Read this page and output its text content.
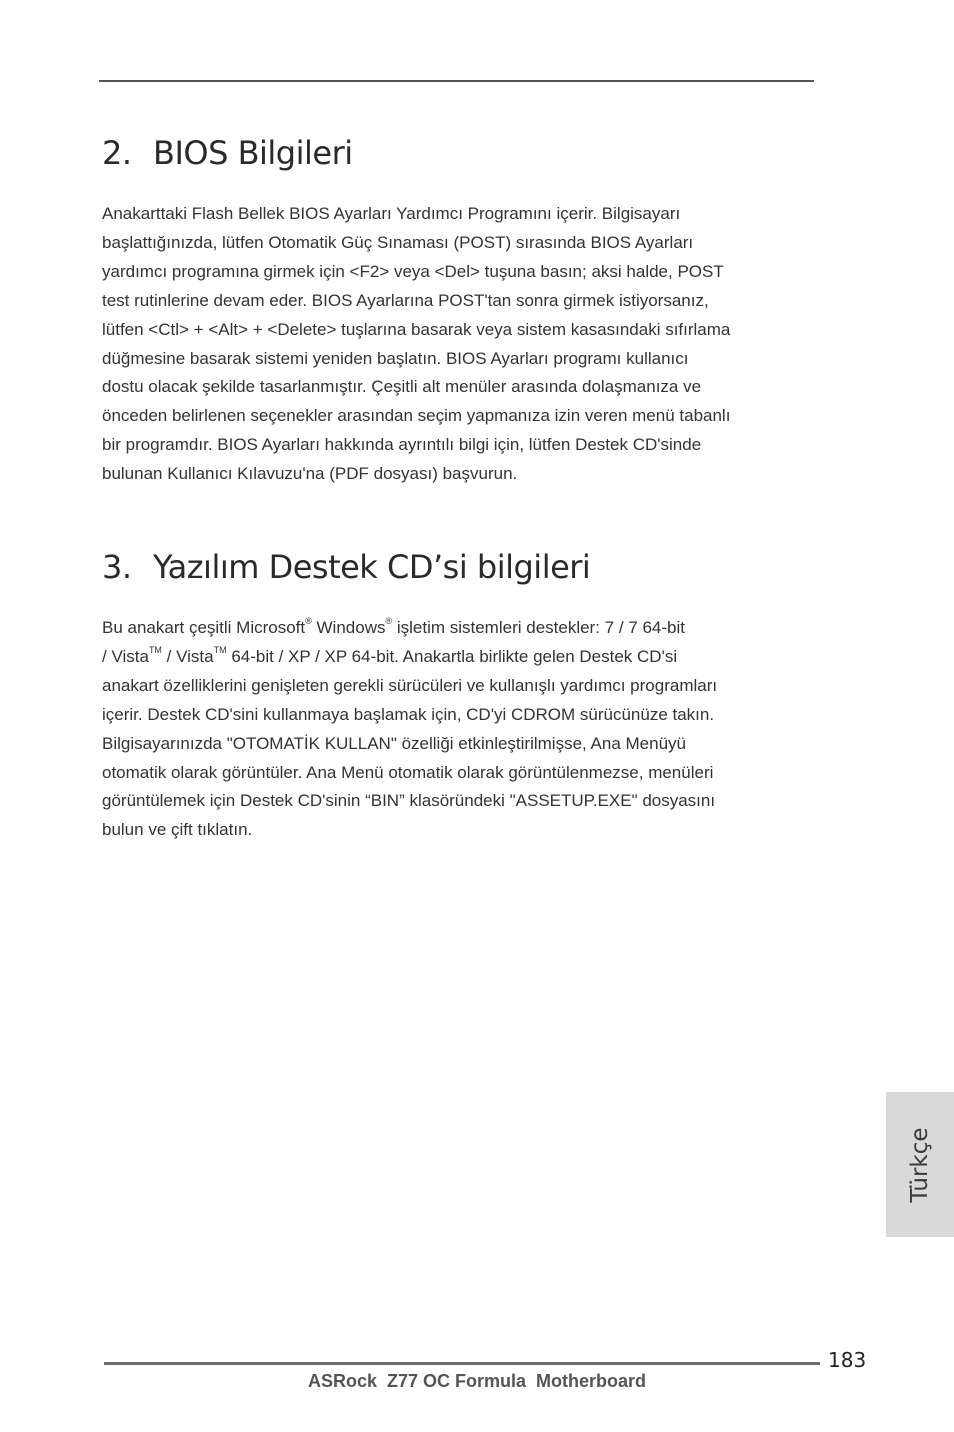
2. BIOS Bilgileri
Anakarttaki Flash Bellek BIOS Ayarları Yardımcı Programını içerir. Bilgisayarı
başlattığınızda, lütfen Otomatik Güç Sınaması (POST) sırasında BIOS Ayarları
yardımcı programına girmek için <F2> veya <Del> tuşuna basın; aksi halde, POST
test rutinlerine devam eder. BIOS Ayarlarına POST'tan sonra girmek istiyorsanız,
lütfen <Ctl> + <Alt> + <Delete> tuşlarına basarak veya sistem kasasındaki sıfırlama
düğmesine basarak sistemi yeniden başlatın. BIOS Ayarları programı kullanıcı
dostu olacak şekilde tasarlanmıştır. Çeşitli alt menüler arasında dolaşmanıza ve
önceden belirlenen seçenekler arasından seçim yapmanıza izin veren menü tabanlı
bir programdır. BIOS Ayarları hakkında ayrıntılı bilgi için, lütfen Destek CD'sinde
bulunan Kullanıcı Kılavuzu'na (PDF dosyası) başvurun.
3. Yazılım Destek CD’si bilgileri
Bu anakart çeşitli Microsoft® Windows® işletim sistemleri destekler: 7 / 7 64-bit
/ Vista™ / Vista™ 64-bit / XP / XP 64-bit. Anakartla birlikte gelen Destek CD'si
anakart özelliklerini genişleten gerekli sürücüleri ve kullanışlı yardımcı programları
içerir. Destek CD'sini kullanmaya başlamak için, CD'yi CDROM sürücünüze takın.
Bilgisayarınızda "OTOMATİK KULLAN" özelliği etkinleştirilmişse, Ana Menüyü
otomatik olarak görüntüler. Ana Menü otomatik olarak görüntülenmezse, menüleri
görüntülemek için Destek CD'sinin “BIN” klasöründeki "ASSETUP.EXE" dosyasını
bulun ve çift tıklatın.
Türkçe
183
ASRock  Z77 OC Formula  Motherboard
